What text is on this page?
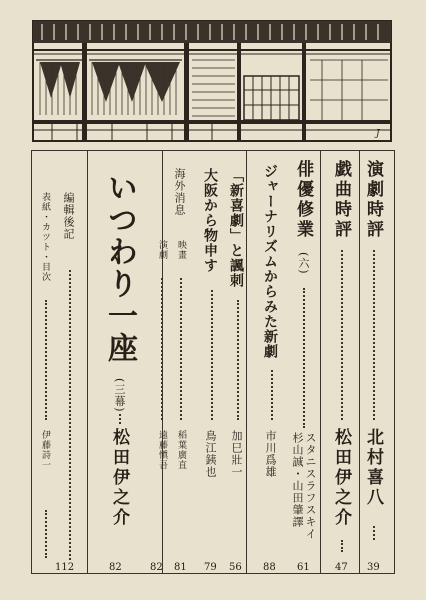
J
演劇時評
北村喜八
39
戯曲時評
松田伊之介
47
俳優修業
(六)
スタニスラフスキイ
杉山誠・山田肇譯
61
ジャーナリズムからみた新劇
市川爲雄
88
「新喜劇」と諷刺
加巳壯一
56
大阪から物申す
鳥江銕也
79
海外消息
映畫
稻葉廣直
81
演劇
遠藤愼吾
82
いつわり一座
(三幕)
松田伊之介
82
編輯後記
表紙・カツト・目次
伊藤詩一
112
